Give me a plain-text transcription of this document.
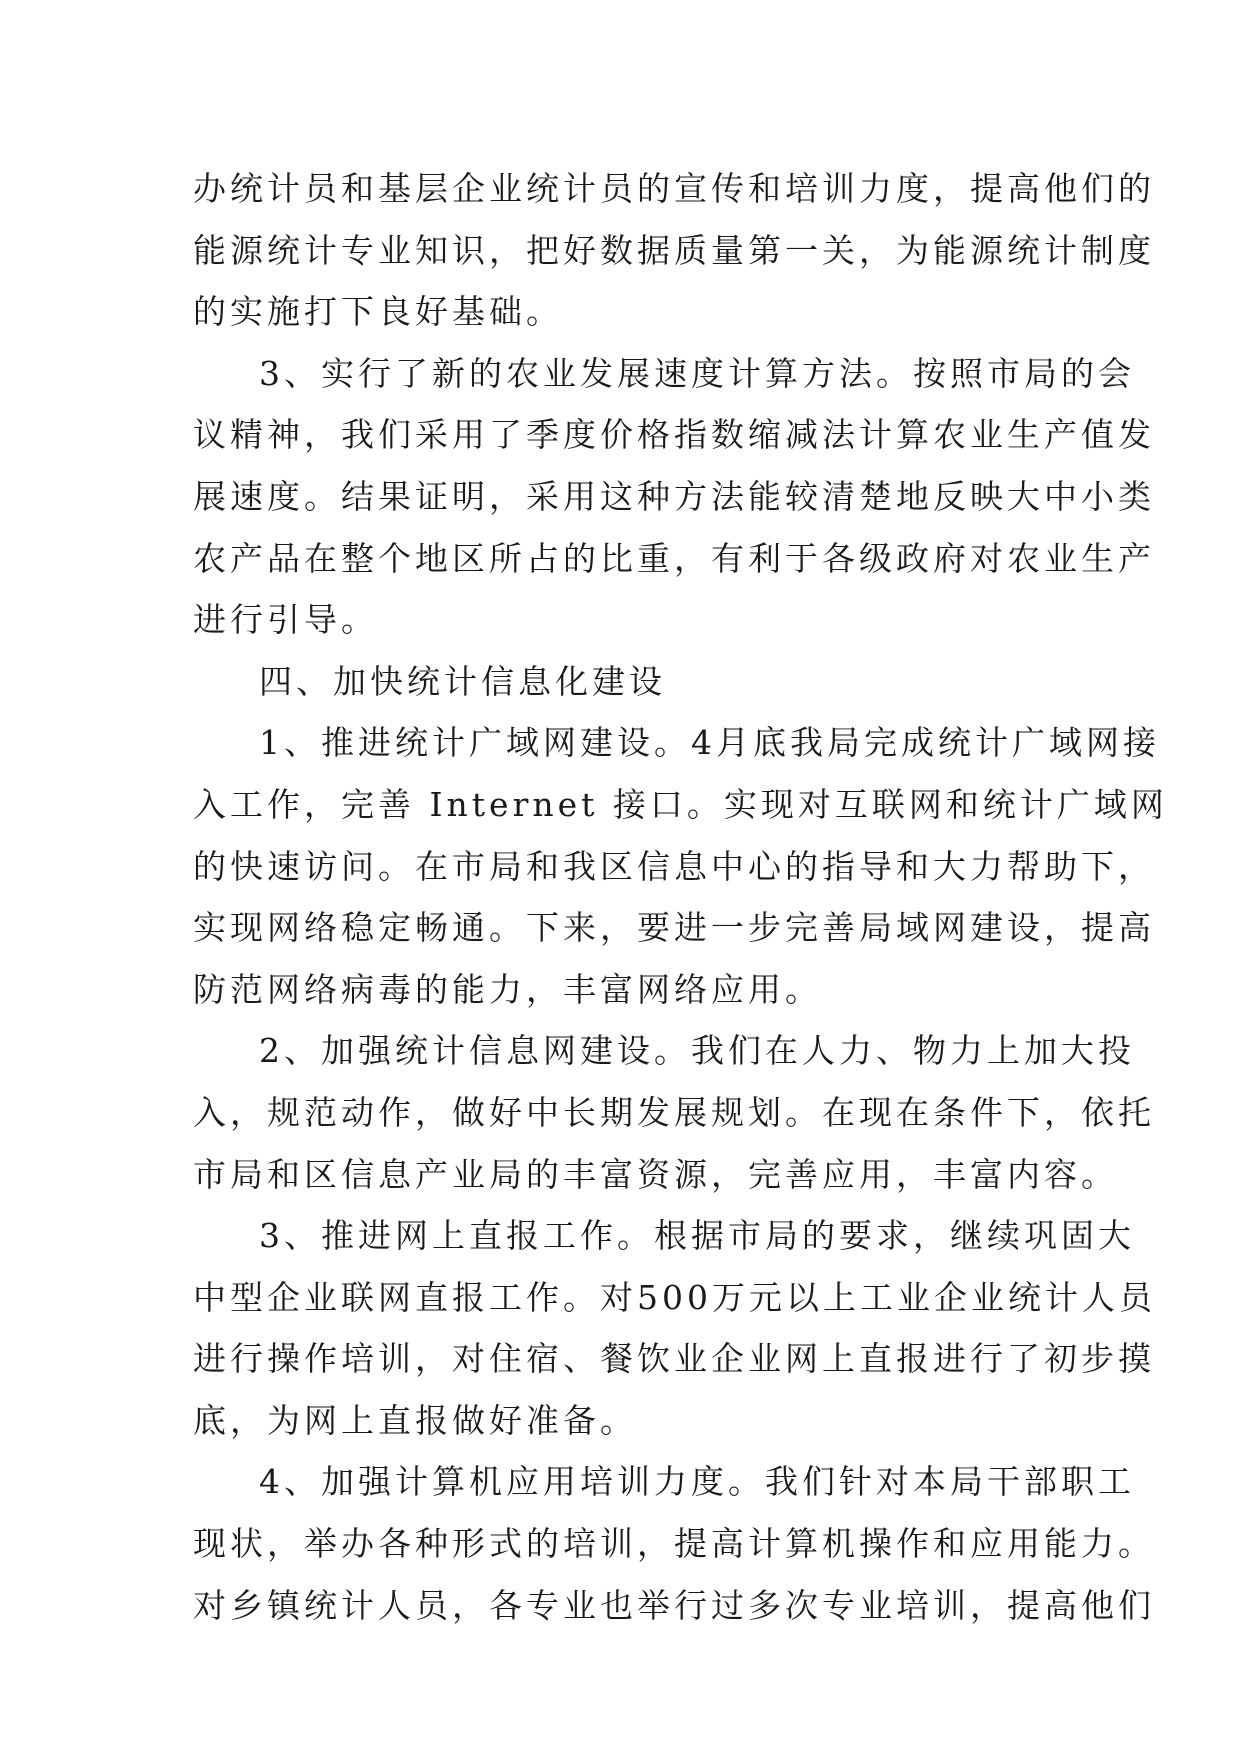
办统计员和基层企业统计员的宣传和培训力度，提高他们的
能源统计专业知识，把好数据质量第一关，为能源统计制度
的实施打下良好基础。
3、实行了新的农业发展速度计算方法。按照市局的会
议精神，我们采用了季度价格指数缩减法计算农业生产值发
展速度。结果证明，采用这种方法能较清楚地反映大中小类
农产品在整个地区所占的比重，有利于各级政府对农业生产
进行引导。
四、加快统计信息化建设
1、推进统计广域网建设。4月底我局完成统计广域网接
入工作，完善 Internet 接口。实现对互联网和统计广域网
的快速访问。在市局和我区信息中心的指导和大力帮助下，
实现网络稳定畅通。下来，要进一步完善局域网建设，提高
防范网络病毒的能力，丰富网络应用。
2、加强统计信息网建设。我们在人力、物力上加大投
入，规范动作，做好中长期发展规划。在现在条件下，依托
市局和区信息产业局的丰富资源，完善应用，丰富内容。
3、推进网上直报工作。根据市局的要求，继续巩固大
中型企业联网直报工作。对500万元以上工业企业统计人员
进行操作培训，对住宿、餐饮业企业网上直报进行了初步摸
底，为网上直报做好准备。
4、加强计算机应用培训力度。我们针对本局干部职工
现状，举办各种形式的培训，提高计算机操作和应用能力。
对乡镇统计人员，各专业也举行过多次专业培训，提高他们
